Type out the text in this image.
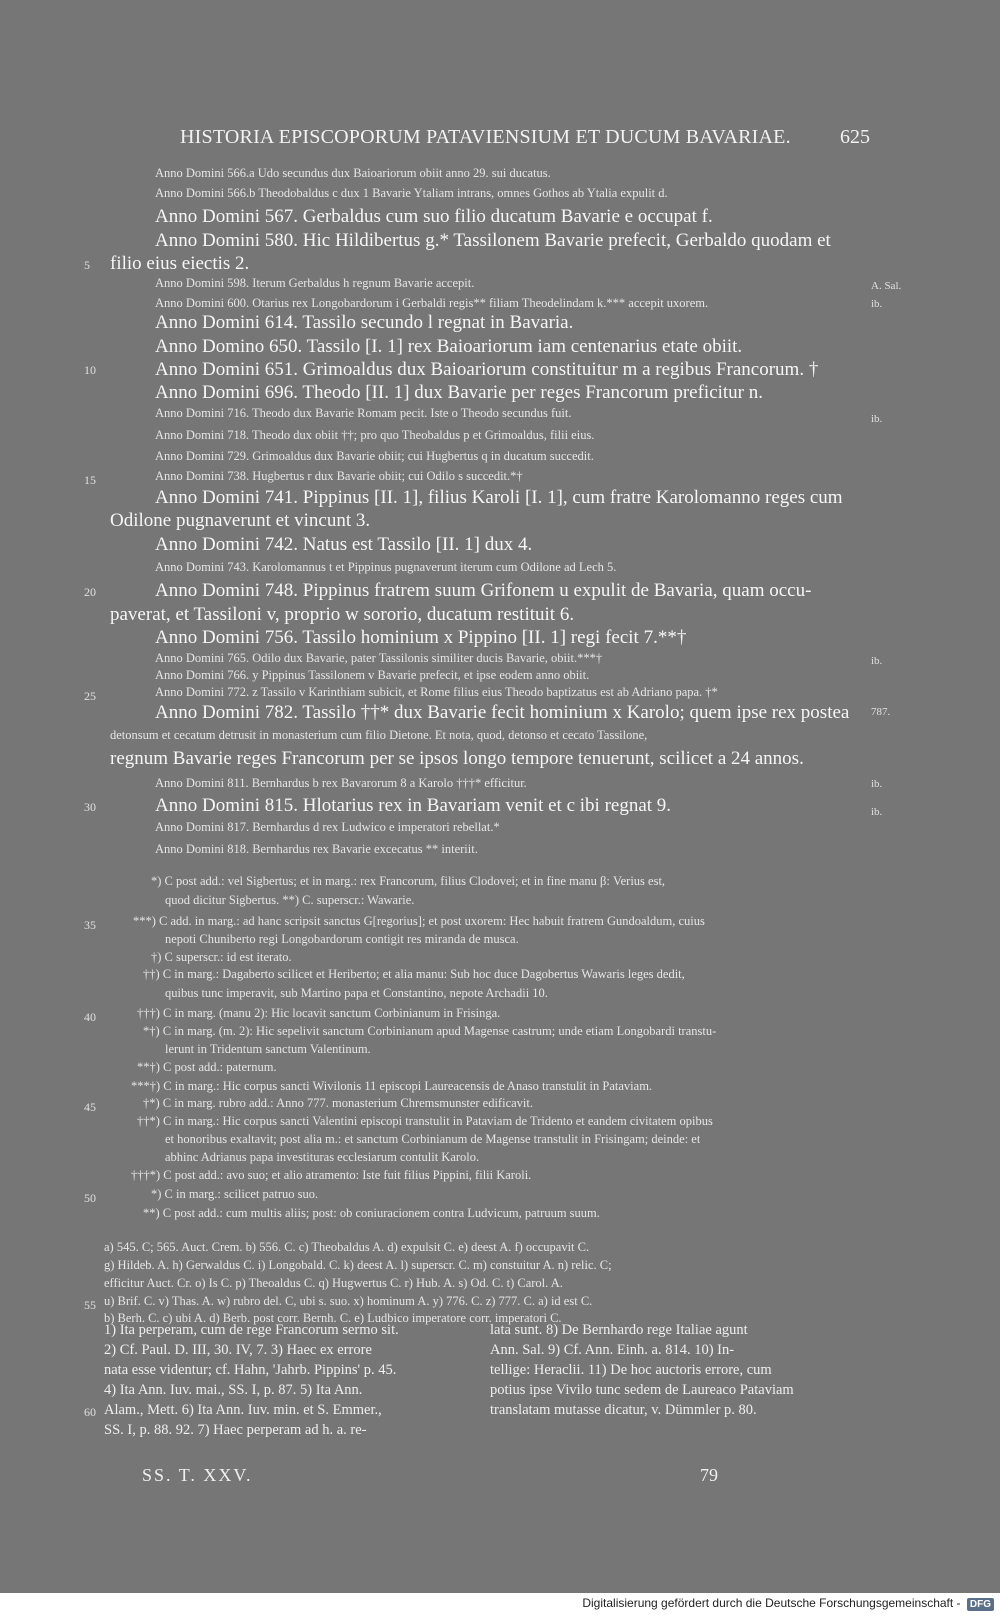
HISTORIA EPISCOPORUM PATAVIENSIUM ET DUCUM BAVARIAE.	625
Anno Domini 566.a Udo secundus dux Baioariorum obiit anno 29. sui ducatus.
Anno Domini 566.b Theodobaldus c dux 1 Bavarie Ytaliam intrans, omnes Gothos ab Ytalia expulit d.
Anno Domini 567. Gerbaldus cum suo filio ducatum Bavarie e occupat f.
Anno Domini 580. Hic Hildibertus g.* Tassilonem Bavarie prefecit, Gerbaldo quodam et
filio eius eiectis 2.
Anno Domini 598. Iterum Gerbaldus h regnum Bavarie accepit.
Anno Domini 600. Otarius rex Longobardorum i Gerbaldi regis** filiam Theodelindam k.*** accepit uxorem.
Anno Domini 614. Tassilo secundo l regnat in Bavaria.
Anno Domino 650. Tassilo [I. 1] rex Baioariorum iam centenarius etate obiit.
Anno Domini 651. Grimoaldus dux Baioariorum constituitur m a regibus Francorum. †
Anno Domini 696. Theodo [II. 1] dux Bavarie per reges Francorum preficitur n.
Anno Domini 716. Theodo dux Bavarie Romam pecit. Iste o Theodo secundus fuit.
Anno Domini 718. Theodo dux obiit ††; pro quo Theobaldus p et Grimoaldus, filii eius.
Anno Domini 729. Grimoaldus dux Bavarie obiit; cui Hugbertus q in ducatum succedit.
Anno Domini 738. Hugbertus r dux Bavarie obiit; cui Odilo s succedit.*†
Anno Domini 741. Pippinus [II. 1], filius Karoli [I. 1], cum fratre Karolomanno reges cum
Odilone pugnaverunt et vincunt 3.
Anno Domini 742. Natus est Tassilo [II. 1] dux 4.
Anno Domini 743. Karolomannus t et Pippinus pugnaverunt iterum cum Odilone ad Lech 5.
Anno Domini 748. Pippinus fratrem suum Grifonem u expulit de Bavaria, quam occu-
paverat, et Tassiloni v, proprio w sororio, ducatum restituit 6.
Anno Domini 756. Tassilo hominium x Pippino [II. 1] regi fecit 7.**†
Anno Domini 765. Odilo dux Bavarie, pater Tassilonis similiter ducis Bavarie, obiit.***†
Anno Domini 766. y Pippinus Tassilonem v Bavarie prefecit, et ipse eodem anno obiit.
Anno Domini 772. z Tassilo v Karinthiam subicit, et Rome filius eius Theodo baptizatus est ab Adriano papa. †*
Anno Domini 782. Tassilo ††* dux Bavarie fecit hominium x Karolo; quem ipse rex postea
detonsum et cecatum detrusit in monasterium cum filio Dietone. Et nota, quod, detonso et cecato Tassilone,
regnum Bavarie reges Francorum per se ipsos longo tempore tenuerunt, scilicet a 24 annos.
Anno Domini 811. Bernhardus b rex Bavarorum 8 a Karolo †††* efficitur.
Anno Domini 815. Hlotarius rex in Bavariam venit et c ibi regnat 9.
Anno Domini 817. Bernhardus d rex Ludwico e imperatori rebellat.*
Anno Domini 818. Bernhardus rex Bavarie excecatus ** interiit.
*) C post add.: vel Sigbertus; et in marg.: rex Francorum, filius Clodovei; et in fine manu β: Verius est,
quod dicitur Sigbertus. **) C. superscr.: Wawarie.
***) C add. in marg.: ad hanc scripsit sanctus G[regorius]; et post uxorem: Hec habuit fratrem Gundoaldum, cuius
nepoti Chuniberto regi Longobardorum contigit res miranda de musca.
†) C superscr.: id est iterato.
††) C in marg.: Dagaberto scilicet et Heriberto; et alia manu: Sub hoc duce Dagobertus Wawaris leges dedit,
quibus tunc imperavit, sub Martino papa et Constantino, nepote Archadii 10.
†††) C in marg. (manu 2): Hic locavit sanctum Corbinianum in Frisinga.
*†) C in marg. (m. 2): Hic sepelivit sanctum Corbinianum apud Magense castrum; unde etiam Longobardi transtu-
lerunt in Tridentum sanctum Valentinum.
**†) C post add.: paternum.
***†) C in marg.: Hic corpus sancti Wivilonis 11 episcopi Laureacensis de Anaso transtulit in Pataviam.
†*) C in marg. rubro add.: Anno 777. monasterium Chremsmunster edificavit.
††*) C in marg.: Hic corpus sancti Valentini episcopi transtulit in Pataviam de Tridento et eandem civitatem opibus
et honoribus exaltavit; post alia m.: et sanctum Corbinianum de Magense transtulit in Frisingam; deinde: et
abhinc Adrianus papa investituras ecclesiarum contulit Karolo.
†††*) C post add.: avo suo; et alio atramento: Iste fuit filius Pippini, filii Karoli.
*) C in marg.: scilicet patruo suo.
**) C post add.: cum multis aliis; post: ob coniuracionem contra Ludvicum, patruum suum.
a) 545. C; 565. Auct. Crem. b) 556. C. c) Theobaldus A. d) expulsit C. e) deest A. f) occupavit C.
g) Hildeb. A. h) Gerwaldus C. i) Longobald. C. k) deest A. l) superscr. C. m) constuitur A. n) relic. C;
efficitur Auct. Cr. o) Is C. p) Theoaldus C. q) Hugwertus C. r) Hub. A. s) Od. C. t) Carol. A.
u) Brif. C. v) Thas. A. w) rubro del. C, ubi s. suo. x) hominum A. y) 776. C. z) 777. C. a) id est C.
b) Berh. C. c) ubi A. d) Berb. post corr. Bernh. C. e) Ludbico imperatore corr. imperatori C.
5
10
15
20
25
30
35
40
45
50
55
60
A. Sal.
ib.
ib.
ib.
787.
ib.
ib.
1) Ita perperam, cum de rege Francorum sermo sit.
2) Cf. Paul. D. III, 30. IV, 7. 3) Haec ex errore
nata esse videntur; cf. Hahn, 'Jahrb. Pippins' p. 45.
4) Ita Ann. Iuv. mai., SS. I, p. 87. 5) Ita Ann.
Alam., Mett. 6) Ita Ann. Iuv. min. et S. Emmer.,
SS. I, p. 88. 92. 7) Haec perperam ad h. a. re-
lata sunt. 8) De Bernhardo rege Italiae agunt
Ann. Sal. 9) Cf. Ann. Einh. a. 814. 10) In-
tellige: Heraclii. 11) De hoc auctoris errore, cum
potius ipse Vivilo tunc sedem de Laureaco Pataviam
translatam mutasse dicatur, v. Dümmler p. 80.
SS. T. XXV.	79
Digitalisierung gefördert durch die Deutsche Forschungsgemeinschaft - DFG
